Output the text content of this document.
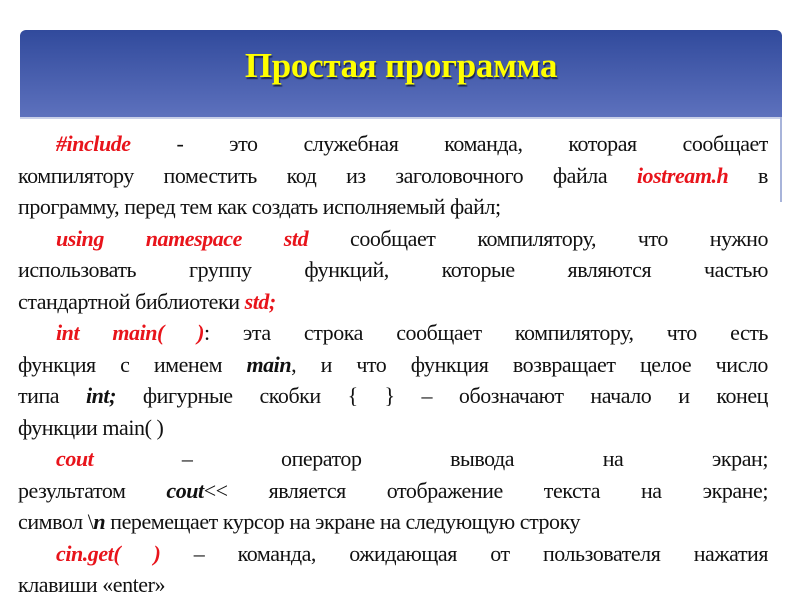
Простая программа
#include - это служебная команда, которая сообщает
компилятору поместить код из заголовочного файла iostream.h в
программу, перед тем как создать исполняемый файл;
using namespace std сообщает компилятору, что нужно
использовать группу функций, которые являются частью
стандартной библиотеки std;
int main( ): эта строка сообщает компилятору, что есть
функция с именем main, и что функция возвращает целое число
типа int; фигурные скобки { } – обозначают начало и конец
функции main( )
cout – оператор вывода на экран;
результатом cout<< является отображение текста на экране;
символ \n перемещает курсор на экране на следующую строку
cin.get( ) – команда, ожидающая от пользователя нажатия
клавиши «enter»
